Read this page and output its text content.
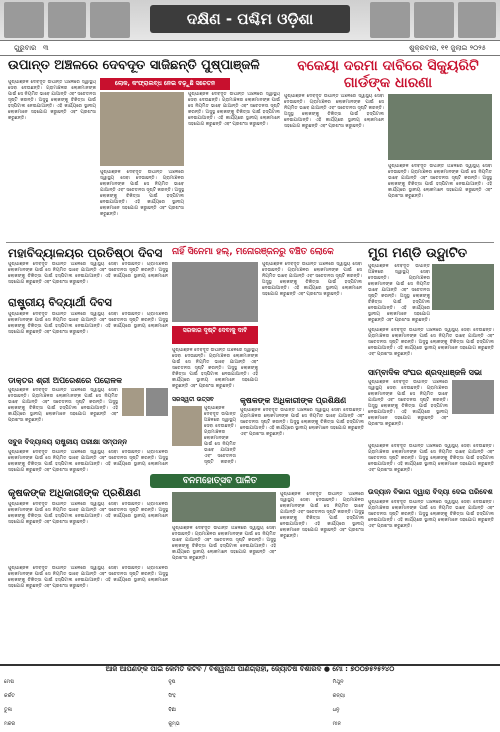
ଦକ୍ଷିଣ - ପଶ୍ଚିମ ଓଡ଼ିଶା
ଗୁରୁବାର ୩	ଶୁକ୍ରବାର, ୧୧ ଜୁଲାଇ ୨୦୨୫
ଉପାନ୍ତ ଅଞ୍ଚଳରେ ଦେବଦୂତ ସାଜିଛନ୍ତି ପୁଷ୍ପାଞ୍ଜଳି
ଲୋକ, କଂଫ୍ରାଲବ୍ଧ ନେଇ ବଢ଼ୁଛି ସଚେତନ
ପୁଷ୍ପାଞ୍ଜଳି ଦେବଦୂତ ଉପାନ୍ତ ଅଞ୍ଚଳରେ ସ୍ୱାସ୍ଥ୍ୟ ସେବା ଦେଉଛନ୍ତି। ଗ୍ରାମାଞ୍ଚଳର ଲୋକମାନଙ୍କ ପାଇଁ ସେ ନିୟମିତ ଭାବେ ଯାଆନ୍ତି ଏବଂ ସଚେତନତା ସୃଷ୍ଟି କରନ୍ତି। ଅସୁସ୍ଥ ଲୋକଙ୍କୁ ଚିକିତ୍ସା ପାଇଁ ହସ୍ପିଟାଲ ନେଇଯାଆନ୍ତି। ଏହି କାର୍ଯ୍ୟରେ ସ୍ଥାନୀୟ ଲୋକମାନେ ସହଯୋଗ କରୁଛନ୍ତି ଏବଂ ପ୍ରଶଂସା କରୁଛନ୍ତି।
ପୁଷ୍ପାଞ୍ଜଳି ଦେବଦୂତ ଉପାନ୍ତ ଅଞ୍ଚଳରେ ସ୍ୱାସ୍ଥ୍ୟ ସେବା ଦେଉଛନ୍ତି। ଗ୍ରାମାଞ୍ଚଳର ଲୋକମାନଙ୍କ ପାଇଁ ସେ ନିୟମିତ ଭାବେ ଯାଆନ୍ତି ଏବଂ ସଚେତନତା ସୃଷ୍ଟି କରନ୍ତି। ଅସୁସ୍ଥ ଲୋକଙ୍କୁ ଚିକିତ୍ସା ପାଇଁ ହସ୍ପିଟାଲ ନେଇଯାଆନ୍ତି। ଏହି କାର୍ଯ୍ୟରେ ସ୍ଥାନୀୟ ଲୋକମାନେ ସହଯୋଗ କରୁଛନ୍ତି ଏବଂ ପ୍ରଶଂସା କରୁଛନ୍ତି।
ପୁଷ୍ପାଞ୍ଜଳି ଦେବଦୂତ ଉପାନ୍ତ ଅଞ୍ଚଳରେ ସ୍ୱାସ୍ଥ୍ୟ ସେବା ଦେଉଛନ୍ତି। ଗ୍ରାମାଞ୍ଚଳର ଲୋକମାନଙ୍କ ପାଇଁ ସେ ନିୟମିତ ଭାବେ ଯାଆନ୍ତି ଏବଂ ସଚେତନତା ସୃଷ୍ଟି କରନ୍ତି। ଅସୁସ୍ଥ ଲୋକଙ୍କୁ ଚିକିତ୍ସା ପାଇଁ ହସ୍ପିଟାଲ ନେଇଯାଆନ୍ତି। ଏହି କାର୍ଯ୍ୟରେ ସ୍ଥାନୀୟ ଲୋକମାନେ ସହଯୋଗ କରୁଛନ୍ତି ଏବଂ ପ୍ରଶଂସା କରୁଛନ୍ତି।
ବକେୟା ଦରମା ଦାବିରେ ସିକ୍ୟୁରିଟି ଗାର୍ଡଙ୍କ ଧାରଣା
ପୁଷ୍ପାଞ୍ଜଳି ଦେବଦୂତ ଉପାନ୍ତ ଅଞ୍ଚଳରେ ସ୍ୱାସ୍ଥ୍ୟ ସେବା ଦେଉଛନ୍ତି। ଗ୍ରାମାଞ୍ଚଳର ଲୋକମାନଙ୍କ ପାଇଁ ସେ ନିୟମିତ ଭାବେ ଯାଆନ୍ତି ଏବଂ ସଚେତନତା ସୃଷ୍ଟି କରନ୍ତି। ଅସୁସ୍ଥ ଲୋକଙ୍କୁ ଚିକିତ୍ସା ପାଇଁ ହସ୍ପିଟାଲ ନେଇଯାଆନ୍ତି। ଏହି କାର୍ଯ୍ୟରେ ସ୍ଥାନୀୟ ଲୋକମାନେ ସହଯୋଗ କରୁଛନ୍ତି ଏବଂ ପ୍ରଶଂସା କରୁଛନ୍ତି।
ପୁଷ୍ପାଞ୍ଜଳି ଦେବଦୂତ ଉପାନ୍ତ ଅଞ୍ଚଳରେ ସ୍ୱାସ୍ଥ୍ୟ ସେବା ଦେଉଛନ୍ତି। ଗ୍ରାମାଞ୍ଚଳର ଲୋକମାନଙ୍କ ପାଇଁ ସେ ନିୟମିତ ଭାବେ ଯାଆନ୍ତି ଏବଂ ସଚେତନତା ସୃଷ୍ଟି କରନ୍ତି। ଅସୁସ୍ଥ ଲୋକଙ୍କୁ ଚିକିତ୍ସା ପାଇଁ ହସ୍ପିଟାଲ ନେଇଯାଆନ୍ତି। ଏହି କାର୍ଯ୍ୟରେ ସ୍ଥାନୀୟ ଲୋକମାନେ ସହଯୋଗ କରୁଛନ୍ତି ଏବଂ ପ୍ରଶଂସା କରୁଛନ୍ତି।
ମହାବିଦ୍ୟାଳୟର ପ୍ରତିଷ୍ଠା ଦିବସ
ପୁଷ୍ପାଞ୍ଜଳି ଦେବଦୂତ ଉପାନ୍ତ ଅଞ୍ଚଳରେ ସ୍ୱାସ୍ଥ୍ୟ ସେବା ଦେଉଛନ୍ତି। ଗ୍ରାମାଞ୍ଚଳର ଲୋକମାନଙ୍କ ପାଇଁ ସେ ନିୟମିତ ଭାବେ ଯାଆନ୍ତି ଏବଂ ସଚେତନତା ସୃଷ୍ଟି କରନ୍ତି। ଅସୁସ୍ଥ ଲୋକଙ୍କୁ ଚିକିତ୍ସା ପାଇଁ ହସ୍ପିଟାଲ ନେଇଯାଆନ୍ତି। ଏହି କାର୍ଯ୍ୟରେ ସ୍ଥାନୀୟ ଲୋକମାନେ ସହଯୋଗ କରୁଛନ୍ତି ଏବଂ ପ୍ରଶଂସା କରୁଛନ୍ତି।
ନାହିଁ ସିନେମା ହଲ୍, ମନୋରଞ୍ଜନରୁ ବଞ୍ଚିତ ଲୋକେ
ପୁଷ୍ପାଞ୍ଜଳି ଦେବଦୂତ ଉପାନ୍ତ ଅଞ୍ଚଳରେ ସ୍ୱାସ୍ଥ୍ୟ ସେବା ଦେଉଛନ୍ତି। ଗ୍ରାମାଞ୍ଚଳର ଲୋକମାନଙ୍କ ପାଇଁ ସେ ନିୟମିତ ଭାବେ ଯାଆନ୍ତି ଏବଂ ସଚେତନତା ସୃଷ୍ଟି କରନ୍ତି। ଅସୁସ୍ଥ ଲୋକଙ୍କୁ ଚିକିତ୍ସା ପାଇଁ ହସ୍ପିଟାଲ ନେଇଯାଆନ୍ତି। ଏହି କାର୍ଯ୍ୟରେ ସ୍ଥାନୀୟ ଲୋକମାନେ ସହଯୋଗ କରୁଛନ୍ତି ଏବଂ ପ୍ରଶଂସା କରୁଛନ୍ତି।
ସରକାର ଦୃଷ୍ଟି ଦେବାକୁ ଦାବି
ପୁଷ୍ପାଞ୍ଜଳି ଦେବଦୂତ ଉପାନ୍ତ ଅଞ୍ଚଳରେ ସ୍ୱାସ୍ଥ୍ୟ ସେବା ଦେଉଛନ୍ତି। ଗ୍ରାମାଞ୍ଚଳର ଲୋକମାନଙ୍କ ପାଇଁ ସେ ନିୟମିତ ଭାବେ ଯାଆନ୍ତି ଏବଂ ସଚେତନତା ସୃଷ୍ଟି କରନ୍ତି। ଅସୁସ୍ଥ ଲୋକଙ୍କୁ ଚିକିତ୍ସା ପାଇଁ ହସ୍ପିଟାଲ ନେଇଯାଆନ୍ତି। ଏହି କାର୍ଯ୍ୟରେ ସ୍ଥାନୀୟ ଲୋକମାନେ ସହଯୋଗ କରୁଛନ୍ତି ଏବଂ ପ୍ରଶଂସା କରୁଛନ୍ତି।
ମୁଗ ମଣ୍ଡି ଉଦ୍ଘାଟିତ
ପୁଷ୍ପାଞ୍ଜଳି ଦେବଦୂତ ଉପାନ୍ତ ଅଞ୍ଚଳରେ ସ୍ୱାସ୍ଥ୍ୟ ସେବା ଦେଉଛନ୍ତି। ଗ୍ରାମାଞ୍ଚଳର ଲୋକମାନଙ୍କ ପାଇଁ ସେ ନିୟମିତ ଭାବେ ଯାଆନ୍ତି ଏବଂ ସଚେତନତା ସୃଷ୍ଟି କରନ୍ତି। ଅସୁସ୍ଥ ଲୋକଙ୍କୁ ଚିକିତ୍ସା ପାଇଁ ହସ୍ପିଟାଲ ନେଇଯାଆନ୍ତି। ଏହି କାର୍ଯ୍ୟରେ ସ୍ଥାନୀୟ ଲୋକମାନେ ସହଯୋଗ କରୁଛନ୍ତି ଏବଂ ପ୍ରଶଂସା କରୁଛନ୍ତି।
ପୁଷ୍ପାଞ୍ଜଳି ଦେବଦୂତ ଉପାନ୍ତ ଅଞ୍ଚଳରେ ସ୍ୱାସ୍ଥ୍ୟ ସେବା ଦେଉଛନ୍ତି। ଗ୍ରାମାଞ୍ଚଳର ଲୋକମାନଙ୍କ ପାଇଁ ସେ ନିୟମିତ ଭାବେ ଯାଆନ୍ତି ଏବଂ ସଚେତନତା ସୃଷ୍ଟି କରନ୍ତି। ଅସୁସ୍ଥ ଲୋକଙ୍କୁ ଚିକିତ୍ସା ପାଇଁ ହସ୍ପିଟାଲ ନେଇଯାଆନ୍ତି। ଏହି କାର୍ଯ୍ୟରେ ସ୍ଥାନୀୟ ଲୋକମାନେ ସହଯୋଗ କରୁଛନ୍ତି ଏବଂ ପ୍ରଶଂସା କରୁଛନ୍ତି।
ରାଷ୍ଟ୍ରୀୟ ବିଦ୍ୟାର୍ଥୀ ଦିବସ
ପୁଷ୍ପାଞ୍ଜଳି ଦେବଦୂତ ଉପାନ୍ତ ଅଞ୍ଚଳରେ ସ୍ୱାସ୍ଥ୍ୟ ସେବା ଦେଉଛନ୍ତି। ଗ୍ରାମାଞ୍ଚଳର ଲୋକମାନଙ୍କ ପାଇଁ ସେ ନିୟମିତ ଭାବେ ଯାଆନ୍ତି ଏବଂ ସଚେତନତା ସୃଷ୍ଟି କରନ୍ତି। ଅସୁସ୍ଥ ଲୋକଙ୍କୁ ଚିକିତ୍ସା ପାଇଁ ହସ୍ପିଟାଲ ନେଇଯାଆନ୍ତି। ଏହି କାର୍ଯ୍ୟରେ ସ୍ଥାନୀୟ ଲୋକମାନେ ସହଯୋଗ କରୁଛନ୍ତି ଏବଂ ପ୍ରଶଂସା କରୁଛନ୍ତି।
ଡାକ୍ତର ଶ୍ରୀ ଅପରେଶରେ ପରୋଳକ
ପୁଷ୍ପାଞ୍ଜଳି ଦେବଦୂତ ଉପାନ୍ତ ଅଞ୍ଚଳରେ ସ୍ୱାସ୍ଥ୍ୟ ସେବା ଦେଉଛନ୍ତି। ଗ୍ରାମାଞ୍ଚଳର ଲୋକମାନଙ୍କ ପାଇଁ ସେ ନିୟମିତ ଭାବେ ଯାଆନ୍ତି ଏବଂ ସଚେତନତା ସୃଷ୍ଟି କରନ୍ତି। ଅସୁସ୍ଥ ଲୋକଙ୍କୁ ଚିକିତ୍ସା ପାଇଁ ହସ୍ପିଟାଲ ନେଇଯାଆନ୍ତି। ଏହି କାର୍ଯ୍ୟରେ ସ୍ଥାନୀୟ ଲୋକମାନେ ସହଯୋଗ କରୁଛନ୍ତି ଏବଂ ପ୍ରଶଂସା କରୁଛନ୍ତି।
ସରସ୍ୱତୀ ଉତ୍ସବ
ପୁଷ୍ପାଞ୍ଜଳି ଦେବଦୂତ ଉପାନ୍ତ ଅଞ୍ଚଳରେ ସ୍ୱାସ୍ଥ୍ୟ ସେବା ଦେଉଛନ୍ତି। ଗ୍ରାମାଞ୍ଚଳର ଲୋକମାନଙ୍କ ପାଇଁ ସେ ନିୟମିତ ଭାବେ ଯାଆନ୍ତି ଏବଂ ସଚେତନତା ସୃଷ୍ଟି କରନ୍ତି।
କୃଷକଙ୍କ ଅଧିକାରୀଙ୍କ ପ୍ରଶିକ୍ଷଣ
ପୁଷ୍ପାଞ୍ଜଳି ଦେବଦୂତ ଉପାନ୍ତ ଅଞ୍ଚଳରେ ସ୍ୱାସ୍ଥ୍ୟ ସେବା ଦେଉଛନ୍ତି। ଗ୍ରାମାଞ୍ଚଳର ଲୋକମାନଙ୍କ ପାଇଁ ସେ ନିୟମିତ ଭାବେ ଯାଆନ୍ତି ଏବଂ ସଚେତନତା ସୃଷ୍ଟି କରନ୍ତି। ଅସୁସ୍ଥ ଲୋକଙ୍କୁ ଚିକିତ୍ସା ପାଇଁ ହସ୍ପିଟାଲ ନେଇଯାଆନ୍ତି। ଏହି କାର୍ଯ୍ୟରେ ସ୍ଥାନୀୟ ଲୋକମାନେ ସହଯୋଗ କରୁଛନ୍ତି ଏବଂ ପ୍ରଶଂସା କରୁଛନ୍ତି।
ସାମ୍ବାଦିକ ସଂଘର ଶ୍ରଦ୍ଧାଞ୍ଜଳି ସଭା
ପୁଷ୍ପାଞ୍ଜଳି ଦେବଦୂତ ଉପାନ୍ତ ଅଞ୍ଚଳରେ ସ୍ୱାସ୍ଥ୍ୟ ସେବା ଦେଉଛନ୍ତି। ଗ୍ରାମାଞ୍ଚଳର ଲୋକମାନଙ୍କ ପାଇଁ ସେ ନିୟମିତ ଭାବେ ଯାଆନ୍ତି ଏବଂ ସଚେତନତା ସୃଷ୍ଟି କରନ୍ତି। ଅସୁସ୍ଥ ଲୋକଙ୍କୁ ଚିକିତ୍ସା ପାଇଁ ହସ୍ପିଟାଲ ନେଇଯାଆନ୍ତି। ଏହି କାର୍ଯ୍ୟରେ ସ୍ଥାନୀୟ ଲୋକମାନେ ସହଯୋଗ କରୁଛନ୍ତି ଏବଂ ପ୍ରଶଂସା କରୁଛନ୍ତି।
ପୁଷ୍ପାଞ୍ଜଳି ଦେବଦୂତ ଉପାନ୍ତ ଅଞ୍ଚଳରେ ସ୍ୱାସ୍ଥ୍ୟ ସେବା ଦେଉଛନ୍ତି। ଗ୍ରାମାଞ୍ଚଳର ଲୋକମାନଙ୍କ ପାଇଁ ସେ ନିୟମିତ ଭାବେ ଯାଆନ୍ତି ଏବଂ ସଚେତନତା ସୃଷ୍ଟି କରନ୍ତି। ଅସୁସ୍ଥ ଲୋକଙ୍କୁ ଚିକିତ୍ସା ପାଇଁ ହସ୍ପିଟାଲ ନେଇଯାଆନ୍ତି। ଏହି କାର୍ଯ୍ୟରେ ସ୍ଥାନୀୟ ଲୋକମାନେ ସହଯୋଗ କରୁଛନ୍ତି ଏବଂ ପ୍ରଶଂସା କରୁଛନ୍ତି।
ବନମହୋତ୍ସବ ପାଳିତ
ପୁଷ୍ପାଞ୍ଜଳି ଦେବଦୂତ ଉପାନ୍ତ ଅଞ୍ଚଳରେ ସ୍ୱାସ୍ଥ୍ୟ ସେବା ଦେଉଛନ୍ତି। ଗ୍ରାମାଞ୍ଚଳର ଲୋକମାନଙ୍କ ପାଇଁ ସେ ନିୟମିତ ଭାବେ ଯାଆନ୍ତି ଏବଂ ସଚେତନତା ସୃଷ୍ଟି କରନ୍ତି। ଅସୁସ୍ଥ ଲୋକଙ୍କୁ ଚିକିତ୍ସା ପାଇଁ ହସ୍ପିଟାଲ ନେଇଯାଆନ୍ତି। ଏହି କାର୍ଯ୍ୟରେ ସ୍ଥାନୀୟ ଲୋକମାନେ ସହଯୋଗ କରୁଛନ୍ତି ଏବଂ ପ୍ରଶଂସା କରୁଛନ୍ତି।
ପୁଷ୍ପାଞ୍ଜଳି ଦେବଦୂତ ଉପାନ୍ତ ଅଞ୍ଚଳରେ ସ୍ୱାସ୍ଥ୍ୟ ସେବା ଦେଉଛନ୍ତି। ଗ୍ରାମାଞ୍ଚଳର ଲୋକମାନଙ୍କ ପାଇଁ ସେ ନିୟମିତ ଭାବେ ଯାଆନ୍ତି ଏବଂ ସଚେତନତା ସୃଷ୍ଟି କରନ୍ତି। ଅସୁସ୍ଥ ଲୋକଙ୍କୁ ଚିକିତ୍ସା ପାଇଁ ହସ୍ପିଟାଲ ନେଇଯାଆନ୍ତି। ଏହି କାର୍ଯ୍ୟରେ ସ୍ଥାନୀୟ ଲୋକମାନେ ସହଯୋଗ କରୁଛନ୍ତି ଏବଂ ପ୍ରଶଂସା କରୁଛନ୍ତି।
ସବୁଜ ବିଦ୍ୟାଳୟ ରାଷ୍ଟ୍ରୀୟ ପରୀକ୍ଷା ସମ୍ପନ୍ନ
ପୁଷ୍ପାଞ୍ଜଳି ଦେବଦୂତ ଉପାନ୍ତ ଅଞ୍ଚଳରେ ସ୍ୱାସ୍ଥ୍ୟ ସେବା ଦେଉଛନ୍ତି। ଗ୍ରାମାଞ୍ଚଳର ଲୋକମାନଙ୍କ ପାଇଁ ସେ ନିୟମିତ ଭାବେ ଯାଆନ୍ତି ଏବଂ ସଚେତନତା ସୃଷ୍ଟି କରନ୍ତି। ଅସୁସ୍ଥ ଲୋକଙ୍କୁ ଚିକିତ୍ସା ପାଇଁ ହସ୍ପିଟାଲ ନେଇଯାଆନ୍ତି। ଏହି କାର୍ଯ୍ୟରେ ସ୍ଥାନୀୟ ଲୋକମାନେ ସହଯୋଗ କରୁଛନ୍ତି ଏବଂ ପ୍ରଶଂସା କରୁଛନ୍ତି।
କୃଷକଙ୍କ ଅଧିକାରୀଙ୍କ ପ୍ରଶିକ୍ଷଣ
ପୁଷ୍ପାଞ୍ଜଳି ଦେବଦୂତ ଉପାନ୍ତ ଅଞ୍ଚଳରେ ସ୍ୱାସ୍ଥ୍ୟ ସେବା ଦେଉଛନ୍ତି। ଗ୍ରାମାଞ୍ଚଳର ଲୋକମାନଙ୍କ ପାଇଁ ସେ ନିୟମିତ ଭାବେ ଯାଆନ୍ତି ଏବଂ ସଚେତନତା ସୃଷ୍ଟି କରନ୍ତି। ଅସୁସ୍ଥ ଲୋକଙ୍କୁ ଚିକିତ୍ସା ପାଇଁ ହସ୍ପିଟାଲ ନେଇଯାଆନ୍ତି। ଏହି କାର୍ଯ୍ୟରେ ସ୍ଥାନୀୟ ଲୋକମାନେ ସହଯୋଗ କରୁଛନ୍ତି ଏବଂ ପ୍ରଶଂସା କରୁଛନ୍ତି।
ଉଦ୍ୟାନ ବିଭାଗ ଦ୍ୱାରା ବିଦ୍ୟା ଦେଇ ପରିବେଶ
ପୁଷ୍ପାଞ୍ଜଳି ଦେବଦୂତ ଉପାନ୍ତ ଅଞ୍ଚଳରେ ସ୍ୱାସ୍ଥ୍ୟ ସେବା ଦେଉଛନ୍ତି। ଗ୍ରାମାଞ୍ଚଳର ଲୋକମାନଙ୍କ ପାଇଁ ସେ ନିୟମିତ ଭାବେ ଯାଆନ୍ତି ଏବଂ ସଚେତନତା ସୃଷ୍ଟି କରନ୍ତି। ଅସୁସ୍ଥ ଲୋକଙ୍କୁ ଚିକିତ୍ସା ପାଇଁ ହସ୍ପିଟାଲ ନେଇଯାଆନ୍ତି। ଏହି କାର୍ଯ୍ୟରେ ସ୍ଥାନୀୟ ଲୋକମାନେ ସହଯୋଗ କରୁଛନ୍ତି ଏବଂ ପ୍ରଶଂସା କରୁଛନ୍ତି।
ପୁଷ୍ପାଞ୍ଜଳି ଦେବଦୂତ ଉପାନ୍ତ ଅଞ୍ଚଳରେ ସ୍ୱାସ୍ଥ୍ୟ ସେବା ଦେଉଛନ୍ତି। ଗ୍ରାମାଞ୍ଚଳର ଲୋକମାନଙ୍କ ପାଇଁ ସେ ନିୟମିତ ଭାବେ ଯାଆନ୍ତି ଏବଂ ସଚେତନତା ସୃଷ୍ଟି କରନ୍ତି। ଅସୁସ୍ଥ ଲୋକଙ୍କୁ ଚିକିତ୍ସା ପାଇଁ ହସ୍ପିଟାଲ ନେଇଯାଆନ୍ତି। ଏହି କାର୍ଯ୍ୟରେ ସ୍ଥାନୀୟ ଲୋକମାନେ ସହଯୋଗ କରୁଛନ୍ତି ଏବଂ ପ୍ରଶଂସା କରୁଛନ୍ତି।
ଆଜି ଆପଣଙ୍କ ପାଇଁ କେମିତି କଟିବ / ବିଶ୍ୱନାଥ ପାଣିଗ୍ରାହୀ, ଜ୍ୟୋତିଷ ବିଶାରଦ ● ମୋ : ୭୦୦୭୫୨୫୨୪୦
ମେଷ	ବୃଷ	ମିଥୁନ
କର୍କଟ	ସିଂହ	କନ୍ୟା
ତୁଳା	ବିଛା	ଧନୁ
ମକର	କୁମ୍ଭ	ମୀନ
